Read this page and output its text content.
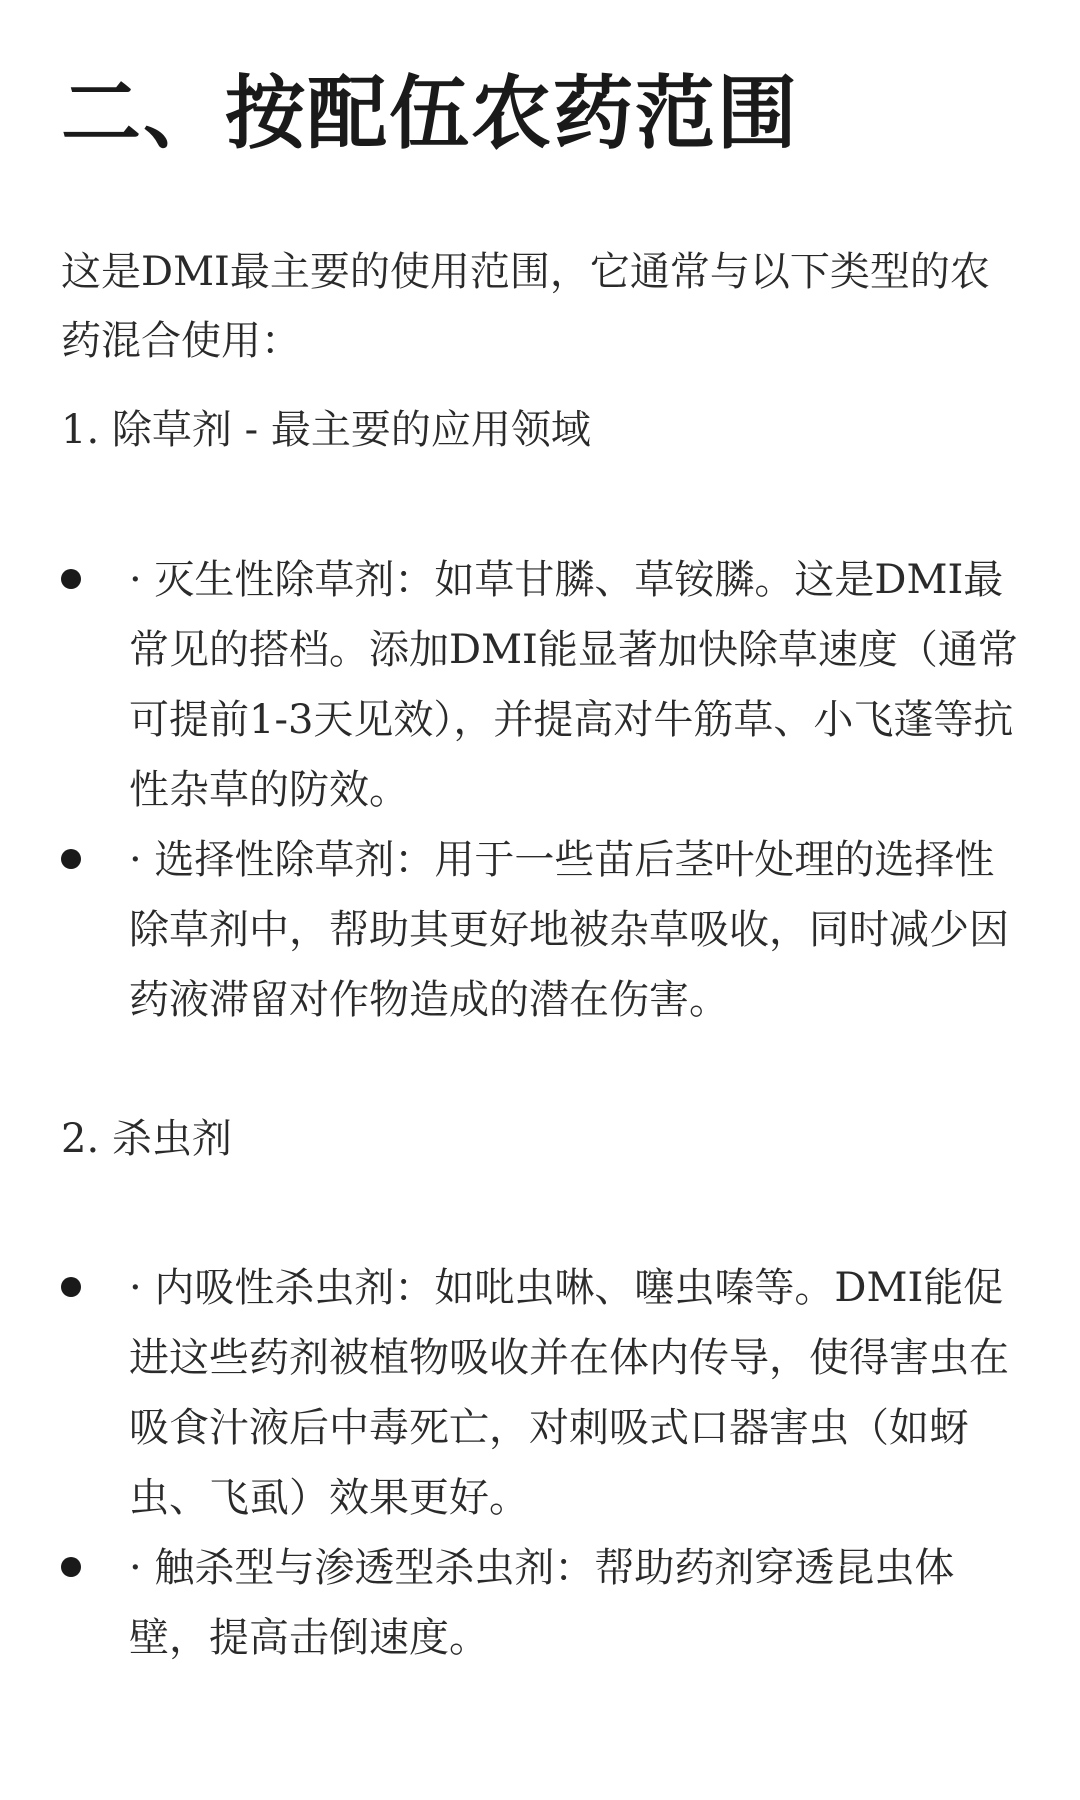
二、按配伍农药范围

这是DMI最主要的使用范围，它通常与以下类型的农药混合使用：

1. 除草剂 - 最主要的应用领域

· 灭生性除草剂：如草甘膦、草铵膦。这是DMI最常见的搭档。添加DMI能显著加快除草速度（通常可提前1-3天见效），并提高对牛筋草、小飞蓬等抗性杂草的防效。
· 选择性除草剂：用于一些苗后茎叶处理的选择性除草剂中，帮助其更好地被杂草吸收，同时减少因药液滞留对作物造成的潜在伤害。

2. 杀虫剂

· 内吸性杀虫剂：如吡虫啉、噻虫嗪等。DMI能促进这些药剂被植物吸收并在体内传导，使得害虫在吸食汁液后中毒死亡，对刺吸式口器害虫（如蚜虫、飞虱）效果更好。
· 触杀型与渗透型杀虫剂：帮助药剂穿透昆虫体壁，提高击倒速度。
